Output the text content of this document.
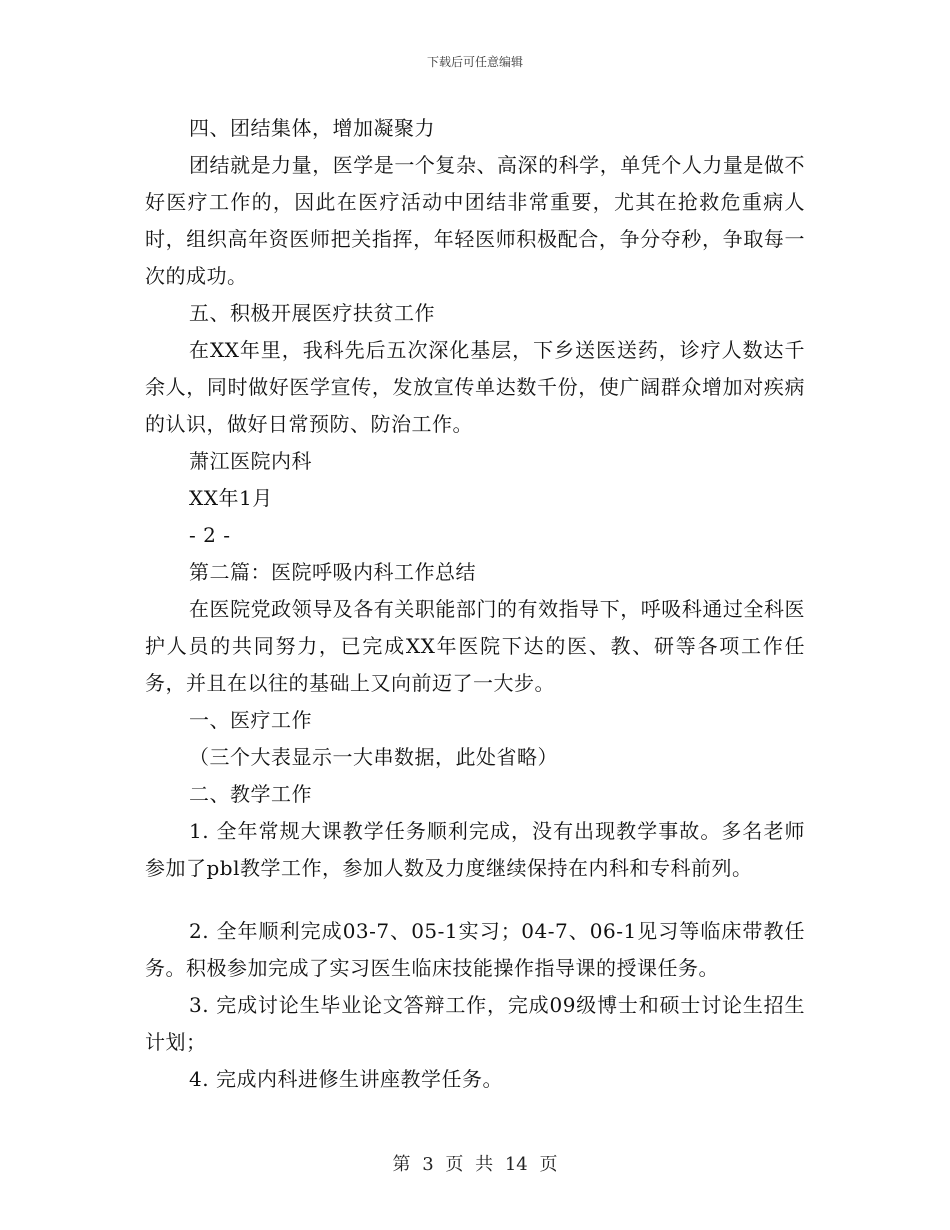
下载后可任意编辑

四、团结集体，增加凝聚力

团结就是力量，医学是一个复杂、高深的科学，单凭个人力量是做不好医疗工作的，因此在医疗活动中团结非常重要，尤其在抢救危重病人时，组织高年资医师把关指挥，年轻医师积极配合，争分夺秒，争取每一次的成功。

五、积极开展医疗扶贫工作

在XX年里，我科先后五次深化基层，下乡送医送药，诊疗人数达千余人，同时做好医学宣传，发放宣传单达数千份，使广阔群众增加对疾病的认识，做好日常预防、防治工作。

萧江医院内科

XX年1月

- 2 -

第二篇：医院呼吸内科工作总结

在医院党政领导及各有关职能部门的有效指导下，呼吸科通过全科医护人员的共同努力，已完成XX年医院下达的医、教、研等各项工作任务，并且在以往的基础上又向前迈了一大步。

一、医疗工作

（三个大表显示一大串数据，此处省略）

二、教学工作

1. 全年常规大课教学任务顺利完成，没有出现教学事故。多名老师参加了pbl教学工作，参加人数及力度继续保持在内科和专科前列。

2. 全年顺利完成03-7、05-1实习；04-7、06-1见习等临床带教任务。积极参加完成了实习医生临床技能操作指导课的授课任务。

3. 完成讨论生毕业论文答辩工作，完成09级博士和硕士讨论生招生计划；

4. 完成内科进修生讲座教学任务。

第 3 页 共 14 页
